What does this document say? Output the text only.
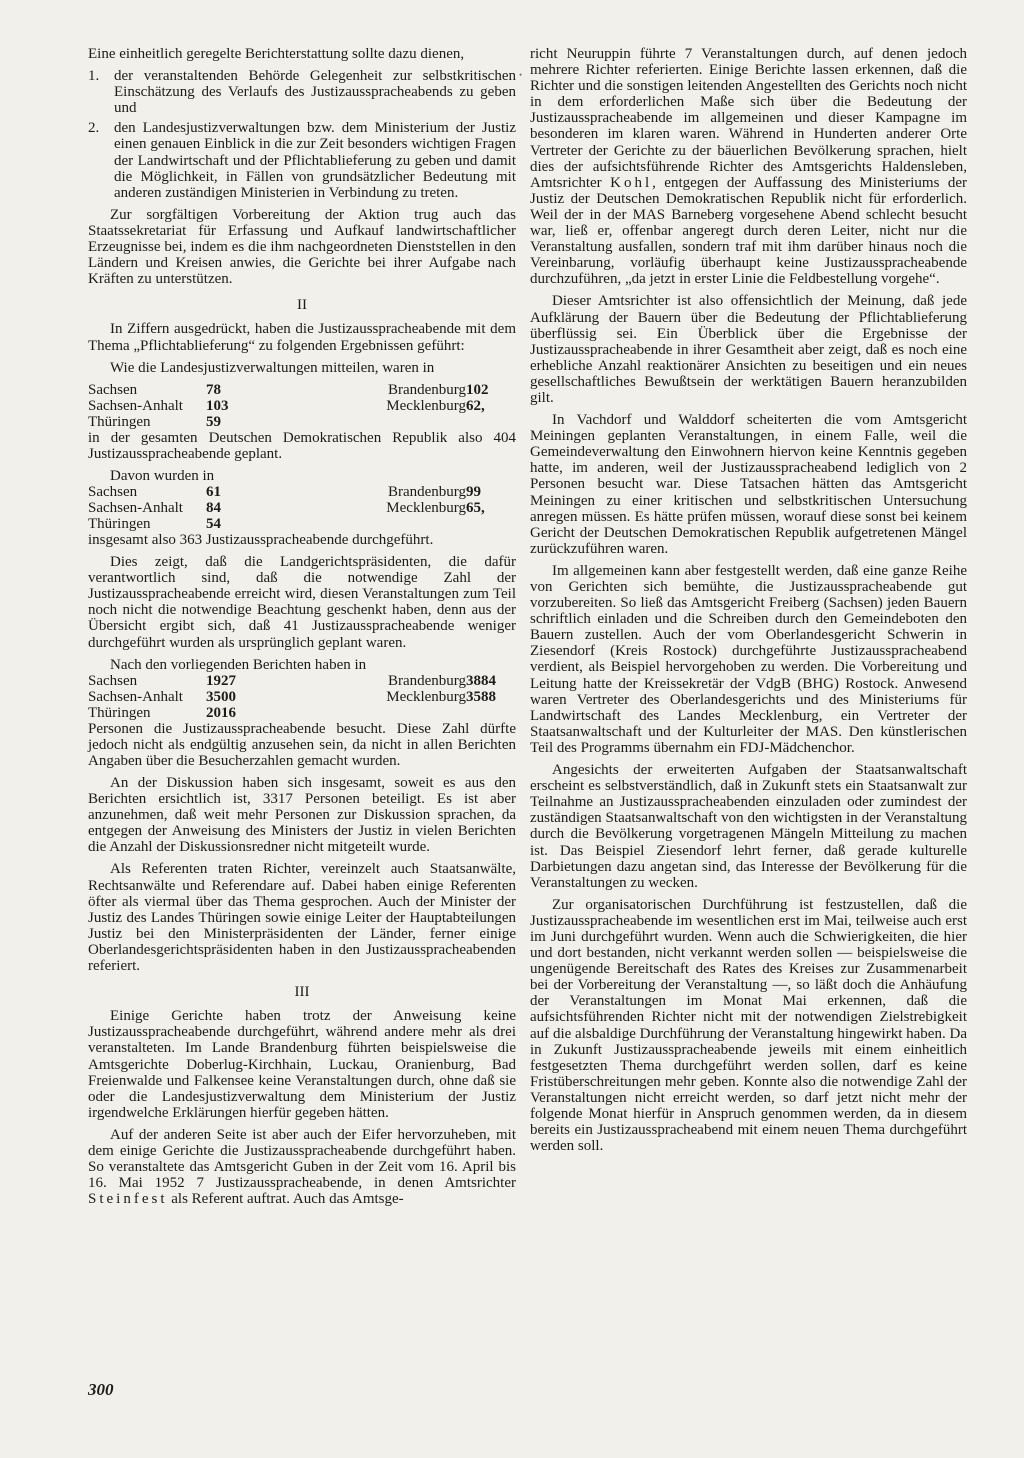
Eine einheitlich geregelte Berichterstattung sollte dazu dienen,

1. der veranstaltenden Behörde Gelegenheit zur selbstkritischen Einschätzung des Verlaufs des Justizausspracheabends zu geben und
2. den Landesjustizverwaltungen bzw. dem Ministerium der Justiz einen genauen Einblick in die zur Zeit besonders wichtigen Fragen der Landwirtschaft und der Pflichtablieferung zu geben und damit die Möglichkeit, in Fällen von grundsätzlicher Bedeutung mit anderen zuständigen Ministerien in Verbindung zu treten.

Zur sorgfältigen Vorbereitung der Aktion trug auch das Staatssekretariat für Erfassung und Aufkauf landwirtschaftlicher Erzeugnisse bei, indem es die ihm nachgeordneten Dienststellen in den Ländern und Kreisen anwies, die Gerichte bei ihrer Aufgabe nach Kräften zu unterstützen.

II

In Ziffern ausgedrückt, haben die Justizausspracheabende mit dem Thema „Pflichtablieferung“ zu folgenden Ergebnissen geführt:

Wie die Landesjustizverwaltungen mitteilen, waren in

Sachsen	78	Brandenburg	102
Sachsen-Anhalt	103	Mecklenburg	62,
Thüringen	59		

in der gesamten Deutschen Demokratischen Republik also 404 Justizausspracheabende geplant.

Davon wurden in

Sachsen	61	Brandenburg	99
Sachsen-Anhalt	84	Mecklenburg	65,
Thüringen	54		

insgesamt also 363 Justizausspracheabende durchgeführt.

Dies zeigt, daß die Landgerichtspräsidenten, die dafür verantwortlich sind, daß die notwendige Zahl der Justizausspracheabende erreicht wird, diesen Veranstaltungen zum Teil noch nicht die notwendige Beachtung geschenkt haben, denn aus der Übersicht ergibt sich, daß 41 Justizausspracheabende weniger durchgeführt wurden als ursprünglich geplant waren.

Nach den vorliegenden Berichten haben in

Sachsen	1927	Brandenburg	3884
Sachsen-Anhalt	3500	Mecklenburg	3588
Thüringen	2016		

Personen die Justizausspracheabende besucht. Diese Zahl dürfte jedoch nicht als endgültig anzusehen sein, da nicht in allen Berichten Angaben über die Besucherzahlen gemacht wurden.

An der Diskussion haben sich insgesamt, soweit es aus den Berichten ersichtlich ist, 3317 Personen beteiligt. Es ist aber anzunehmen, daß weit mehr Personen zur Diskussion sprachen, da entgegen der Anweisung des Ministers der Justiz in vielen Berichten die Anzahl der Diskussionsredner nicht mitgeteilt wurde.

Als Referenten traten Richter, vereinzelt auch Staatsanwälte, Rechtsanwälte und Referendare auf. Dabei haben einige Referenten öfter als viermal über das Thema gesprochen. Auch der Minister der Justiz des Landes Thüringen sowie einige Leiter der Hauptabteilungen Justiz bei den Ministerpräsidenten der Länder, ferner einige Oberlandesgerichtspräsidenten haben in den Justizausspracheabenden referiert.

III

Einige Gerichte haben trotz der Anweisung keine Justizausspracheabende durchgeführt, während andere mehr als drei veranstalteten. Im Lande Brandenburg führten beispielsweise die Amtsgerichte Doberlug-Kirchhain, Luckau, Oranienburg, Bad Freienwalde und Falkensee keine Veranstaltungen durch, ohne daß sie oder die Landesjustizverwaltung dem Ministerium der Justiz irgendwelche Erklärungen hierfür gegeben hätten.

Auf der anderen Seite ist aber auch der Eifer hervorzuheben, mit dem einige Gerichte die Justizausspracheabende durchgeführt haben. So veranstaltete das Amtsgericht Guben in der Zeit vom 16. April bis 16. Mai 1952 7 Justizausspracheabende, in denen Amtsrichter Steinfest als Referent auftrat. Auch das Amtsge-

•

richt Neuruppin führte 7 Veranstaltungen durch, auf denen jedoch mehrere Richter referierten. Einige Berichte lassen erkennen, daß die Richter und die sonstigen leitenden Angestellten des Gerichts noch nicht in dem erforderlichen Maße sich über die Bedeutung der Justizausspracheabende im allgemeinen und dieser Kampagne im besonderen im klaren waren. Während in Hunderten anderer Orte Vertreter der Gerichte zu der bäuerlichen Bevölkerung sprachen, hielt dies der aufsichtsführende Richter des Amtsgerichts Haldensleben, Amtsrichter Kohl, entgegen der Auffassung des Ministeriums der Justiz der Deutschen Demokratischen Republik nicht für erforderlich. Weil der in der MAS Barneberg vorgesehene Abend schlecht besucht war, ließ er, offenbar angeregt durch deren Leiter, nicht nur die Veranstaltung ausfallen, sondern traf mit ihm darüber hinaus noch die Vereinbarung, vorläufig überhaupt keine Justizausspracheabende durchzuführen, „da jetzt in erster Linie die Feldbestellung vorgehe“.

Dieser Amtsrichter ist also offensichtlich der Meinung, daß jede Aufklärung der Bauern über die Bedeutung der Pflichtablieferung überflüssig sei. Ein Überblick über die Ergebnisse der Justizausspracheabende in ihrer Gesamtheit aber zeigt, daß es noch eine erhebliche Anzahl reaktionärer Ansichten zu beseitigen und ein neues gesellschaftliches Bewußtsein der werktätigen Bauern heranzubilden gilt.

In Vachdorf und Walddorf scheiterten die vom Amtsgericht Meiningen geplanten Veranstaltungen, in einem Falle, weil die Gemeindeverwaltung den Einwohnern hiervon keine Kenntnis gegeben hatte, im anderen, weil der Justizausspracheabend lediglich von 2 Personen besucht war. Diese Tatsachen hätten das Amtsgericht Meiningen zu einer kritischen und selbstkritischen Untersuchung anregen müssen. Es hätte prüfen müssen, worauf diese sonst bei keinem Gericht der Deutschen Demokratischen Republik aufgetretenen Mängel zurückzuführen waren.

Im allgemeinen kann aber festgestellt werden, daß eine ganze Reihe von Gerichten sich bemühte, die Justizausspracheabende gut vorzubereiten. So ließ das Amtsgericht Freiberg (Sachsen) jeden Bauern schriftlich einladen und die Schreiben durch den Gemeindeboten den Bauern zustellen. Auch der vom Oberlandesgericht Schwerin in Ziesendorf (Kreis Rostock) durchgeführte Justizausspracheabend verdient, als Beispiel hervorgehoben zu werden. Die Vorbereitung und Leitung hatte der Kreissekretär der VdgB (BHG) Rostock. Anwesend waren Vertreter des Oberlandesgerichts und des Ministeriums für Landwirtschaft des Landes Mecklenburg, ein Vertreter der Staatsanwaltschaft und der Kulturleiter der MAS. Den künstlerischen Teil des Programms übernahm ein FDJ-Mädchenchor.

Angesichts der erweiterten Aufgaben der Staatsanwaltschaft erscheint es selbstverständlich, daß in Zukunft stets ein Staatsanwalt zur Teilnahme an Justizausspracheabenden einzuladen oder zumindest der zuständigen Staatsanwaltschaft von den wichtigsten in der Veranstaltung durch die Bevölkerung vorgetragenen Mängeln Mitteilung zu machen ist. Das Beispiel Ziesendorf lehrt ferner, daß gerade kulturelle Darbietungen dazu angetan sind, das Interesse der Bevölkerung für die Veranstaltungen zu wecken.

Zur organisatorischen Durchführung ist festzustellen, daß die Justizausspracheabende im wesentlichen erst im Mai, teilweise auch erst im Juni durchgeführt wurden. Wenn auch die Schwierigkeiten, die hier und dort bestanden, nicht verkannt werden sollen — beispielsweise die ungenügende Bereitschaft des Rates des Kreises zur Zusammenarbeit bei der Vorbereitung der Veranstaltung —, so läßt doch die Anhäufung der Veranstaltungen im Monat Mai erkennen, daß die aufsichtsführenden Richter nicht mit der notwendigen Zielstrebigkeit auf die alsbaldige Durchführung der Veranstaltung hingewirkt haben. Da in Zukunft Justizausspracheabende jeweils mit einem einheitlich festgesetzten Thema durchgeführt werden sollen, darf es keine Fristüberschreitungen mehr geben. Konnte also die notwendige Zahl der Veranstaltungen nicht erreicht werden, so darf jetzt nicht mehr der folgende Monat hierfür in Anspruch genommen werden, da in diesem bereits ein Justizausspracheabend mit einem neuen Thema durchgeführt werden soll.

300
